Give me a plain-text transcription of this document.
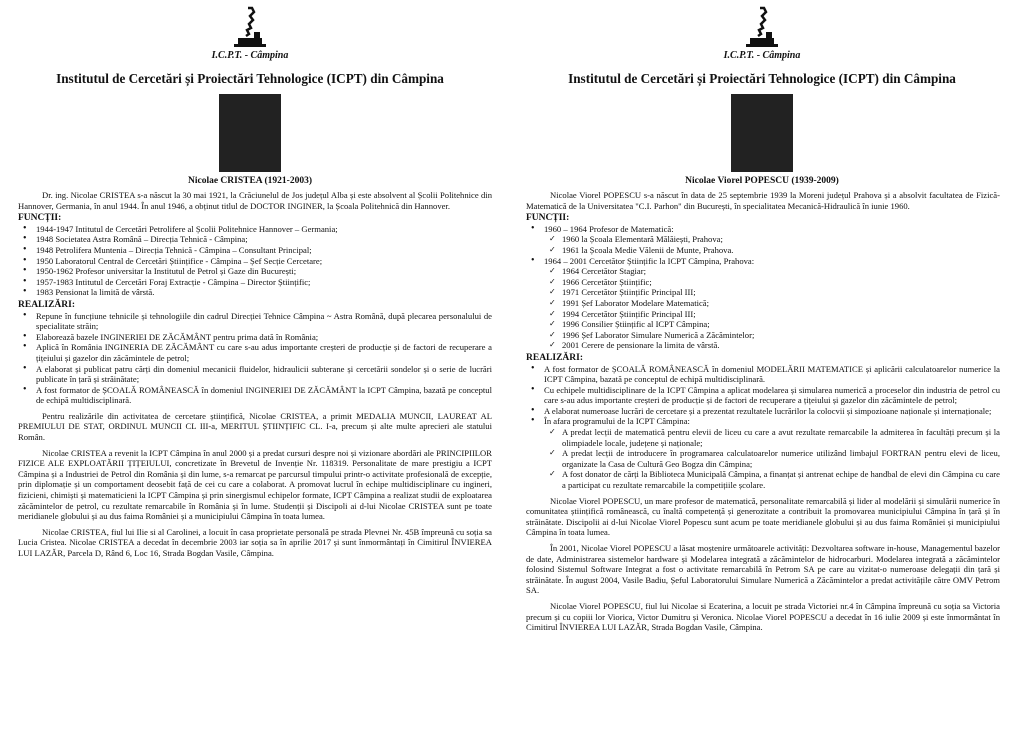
I.C.P.T. - Câmpina
Institutul de Cercetări și Proiectări Tehnologice (ICPT) din Câmpina
Nicolae CRISTEA (1921-2003)

Dr. ing. Nicolae CRISTEA s-a născut la 30 mai 1921, la Crăciunelul de Jos județul Alba și este absolvent al Școlii Politehnice din Hannover, Germania, în anul 1944. În anul 1946, a obținut titlul de DOCTOR INGINER, la Școala Politehnică din Hannover.

FUNCȚII:

• 1944-1947 Intitutul de Cercetări Petrolifere al Școlii Politehnice Hannover – Germania;
• 1948 Societatea Astra Română – Direcția Tehnică - Câmpina;
• 1948 Petrolifera Muntenia – Direcția Tehnică - Câmpina – Consultant Principal;
• 1950 Laboratorul Central de Cercetări Științifice - Câmpina – Șef Secție Cercetare;
• 1950-1962 Profesor universitar la Institutul de Petrol și Gaze din București;
• 1957-1983 Intitutul de Cercetări Foraj Extracție - Câmpina – Director Științific;
• 1983 Pensionat la limită de vârstă.

REALIZĂRI:

• Repune în funcțiune tehnicile și tehnologiile din cadrul Direcției Tehnice Câmpina ~ Astra Română, după plecarea personalului de specialitate străin;
• Elaborează bazele INGINERIEI DE ZĂCĂMÂNT pentru prima dată în România;
• Aplică în România INGINERIA DE ZĂCĂMÂNT cu care s-au adus importante creșteri de producție și de factori de recuperare a țițeiului și gazelor din zăcămintele de petrol;
• A elaborat și publicat patru cărți din domeniul mecanicii fluidelor, hidraulicii subterane și cercetării sondelor și o serie de lucrări publicate în țară și străinătate;
• A fost formator de ȘCOALĂ ROMÂNEASCĂ în domeniul INGINERIEI DE ZĂCĂMÂNT la ICPT Câmpina, bazată pe conceptul de echipă multidisciplinară.

Pentru realizările din activitatea de cercetare științifică, Nicolae CRISTEA, a primit MEDALIA MUNCII, LAUREAT AL PREMIULUI DE STAT, ORDINUL MUNCII CL III-a, MERITUL ȘTIINȚIFIC CL. I-a, precum și alte multe aprecieri ale statului Român.

Nicolae CRISTEA a revenit la ICPT Câmpina în anul 2000 și a predat cursuri despre noi și vizionare abordări ale PRINCIPIILOR FIZICE ALE EXPLOATĂRII ȚIȚEIULUI, concretizate în Brevetul de Invenție Nr. 118319. Personalitate de mare prestigiu a ICPT Câmpina și a Industriei de Petrol din România și din lume, s-a remarcat pe parcursul timpului printr-o activitate profesională de excepție, prin diplomație și un comportament deosebit față de cei cu care a colaborat. A promovat lucrul în echipe multidisciplinare cu ingineri, fizicieni, chimiști și matematicieni la ICPT Câmpina și prin sinergismul echipelor formate, ICPT Câmpina a realizat studii de exploatarea zăcămintelor de petrol, cu rezultate remarcabile în România și în lume. Studenții și Discipoli ai d-lui Nicolae CRISTEA sunt pe toate meridianele globului și au dus faima României și a municipiului Câmpina în toata lumea.

Nicolae CRISTEA, fiul lui Ilie si al Carolinei, a locuit în casa proprietate personală pe strada Plevnei Nr. 45B împreună cu soția sa Lucia Cristea. Nicolae CRISTEA a decedat în decembrie 2003 iar soția sa în aprilie 2017 și sunt înmormântați în Cimitirul ÎNVIEREA LUI LAZĂR, Parcela D, Rând 6, Loc 16, Strada Bogdan Vasile, Câmpina.

I.C.P.T. - Câmpina
Institutul de Cercetări și Proiectări Tehnologice (ICPT) din Câmpina
Nicolae Viorel POPESCU (1939-2009)

Nicolae Viorel POPESCU s-a născut în data de 25 septembrie 1939 la Moreni județul Prahova și a absolvit facultatea de Fizică-Matematică de la Universitatea "C.I. Parhon" din București, în specialitatea Mecanică-Hidraulică în iunie 1960.

FUNCȚII:

• 1960 – 1964 Profesor de Matematică:
✓ 1960 la Școala Elementară Mălăiești, Prahova;
✓ 1961 la Școala Medie Vălenii de Munte, Prahova.
• 1964 – 2001 Cercetător Științific la ICPT Câmpina, Prahova:
✓ 1964 Cercetător Stagiar;
✓ 1966 Cercetător Științific;
✓ 1971 Cercetător Științific Principal III;
✓ 1991 Șef Laborator Modelare Matematică;
✓ 1994 Cercetător Științific Principal III;
✓ 1996 Consilier Științific al ICPT Câmpina;
✓ 1996 Șef Laborator Simulare Numerică a Zăcămintelor;
✓ 2001 Cerere de pensionare la limita de vârstă.

REALIZĂRI:

• A fost formator de ȘCOALĂ ROMÂNEASCĂ în domeniul MODELĂRII MATEMATICE și aplicării calculatoarelor numerice la ICPT Câmpina, bazată pe conceptul de echipă multidisciplinară.
• Cu echipele multidisciplinare de la ICPT Câmpina a aplicat modelarea și simularea numerică a proceselor din industria de petrol cu care s-au adus importante creșteri de producție și de factori de recuperare a țițeiului și gazelor din zăcămintele de petrol;
• A elaborat numeroase lucrări de cercetare și a prezentat rezultatele lucrărilor la colocvii și simpozioane naționale și internaționale;
• În afara programului de la ICPT Câmpina:
✓ A predat lecții de matematică pentru elevii de liceu cu care a avut rezultate remarcabile la admiterea în facultăți precum și la olimpiadele locale, județene și naționale;
✓ A predat lecții de introducere în programarea calculatoarelor numerice utilizând limbajul FORTRAN pentru elevi de liceu, organizate la Casa de Cultură Geo Bogza din Câmpina;
✓ A fost donator de cărți la Biblioteca Municipală Câmpina, a finanțat și antrenat echipe de handbal de elevi din Câmpina cu care a participat cu rezultate remarcabile la competițiile școlare.

Nicolae Viorel POPESCU, un mare profesor de matematică, personalitate remarcabilă și lider al modelării și simulării numerice în comunitatea științifică românească, cu înaltă competență și generozitate a contribuit la promovarea municipiului Câmpina în țară și în străinătate. Discipolii ai d-lui Nicolae Viorel Popescu sunt acum pe toate meridianele globului și au dus faima României și municipiului Câmpina în toata lumea.

În 2001, Nicolae Viorel POPESCU a lăsat moștenire următoarele activități: Dezvoltarea software in-house, Managementul bazelor de date, Administrarea sistemelor hardware și Modelarea integrată a zăcămintelor de hidrocarburi. Modelarea integrată a zăcămintelor folosind Sistemul Software Integrat a fost o activitate remarcabilă în Petrom SA pe care au vizitat-o numeroase delegații din țară și străinătate. În august 2004, Vasile Badiu, Șeful Laboratorului Simulare Numerică a Zăcămintelor a predat activitățile către OMV Petrom SA.

Nicolae Viorel POPESCU, fiul lui Nicolae si Ecaterina, a locuit pe strada Victoriei nr.4 în Câmpina împreună cu soția sa Victoria precum și cu copiii lor Viorica, Victor Dumitru și Veronica. Nicolae Viorel POPESCU a decedat în 16 iulie 2009 și este înmormântat în Cimitirul ÎNVIEREA LUI LAZĂR, Strada Bogdan Vasile, Câmpina.
